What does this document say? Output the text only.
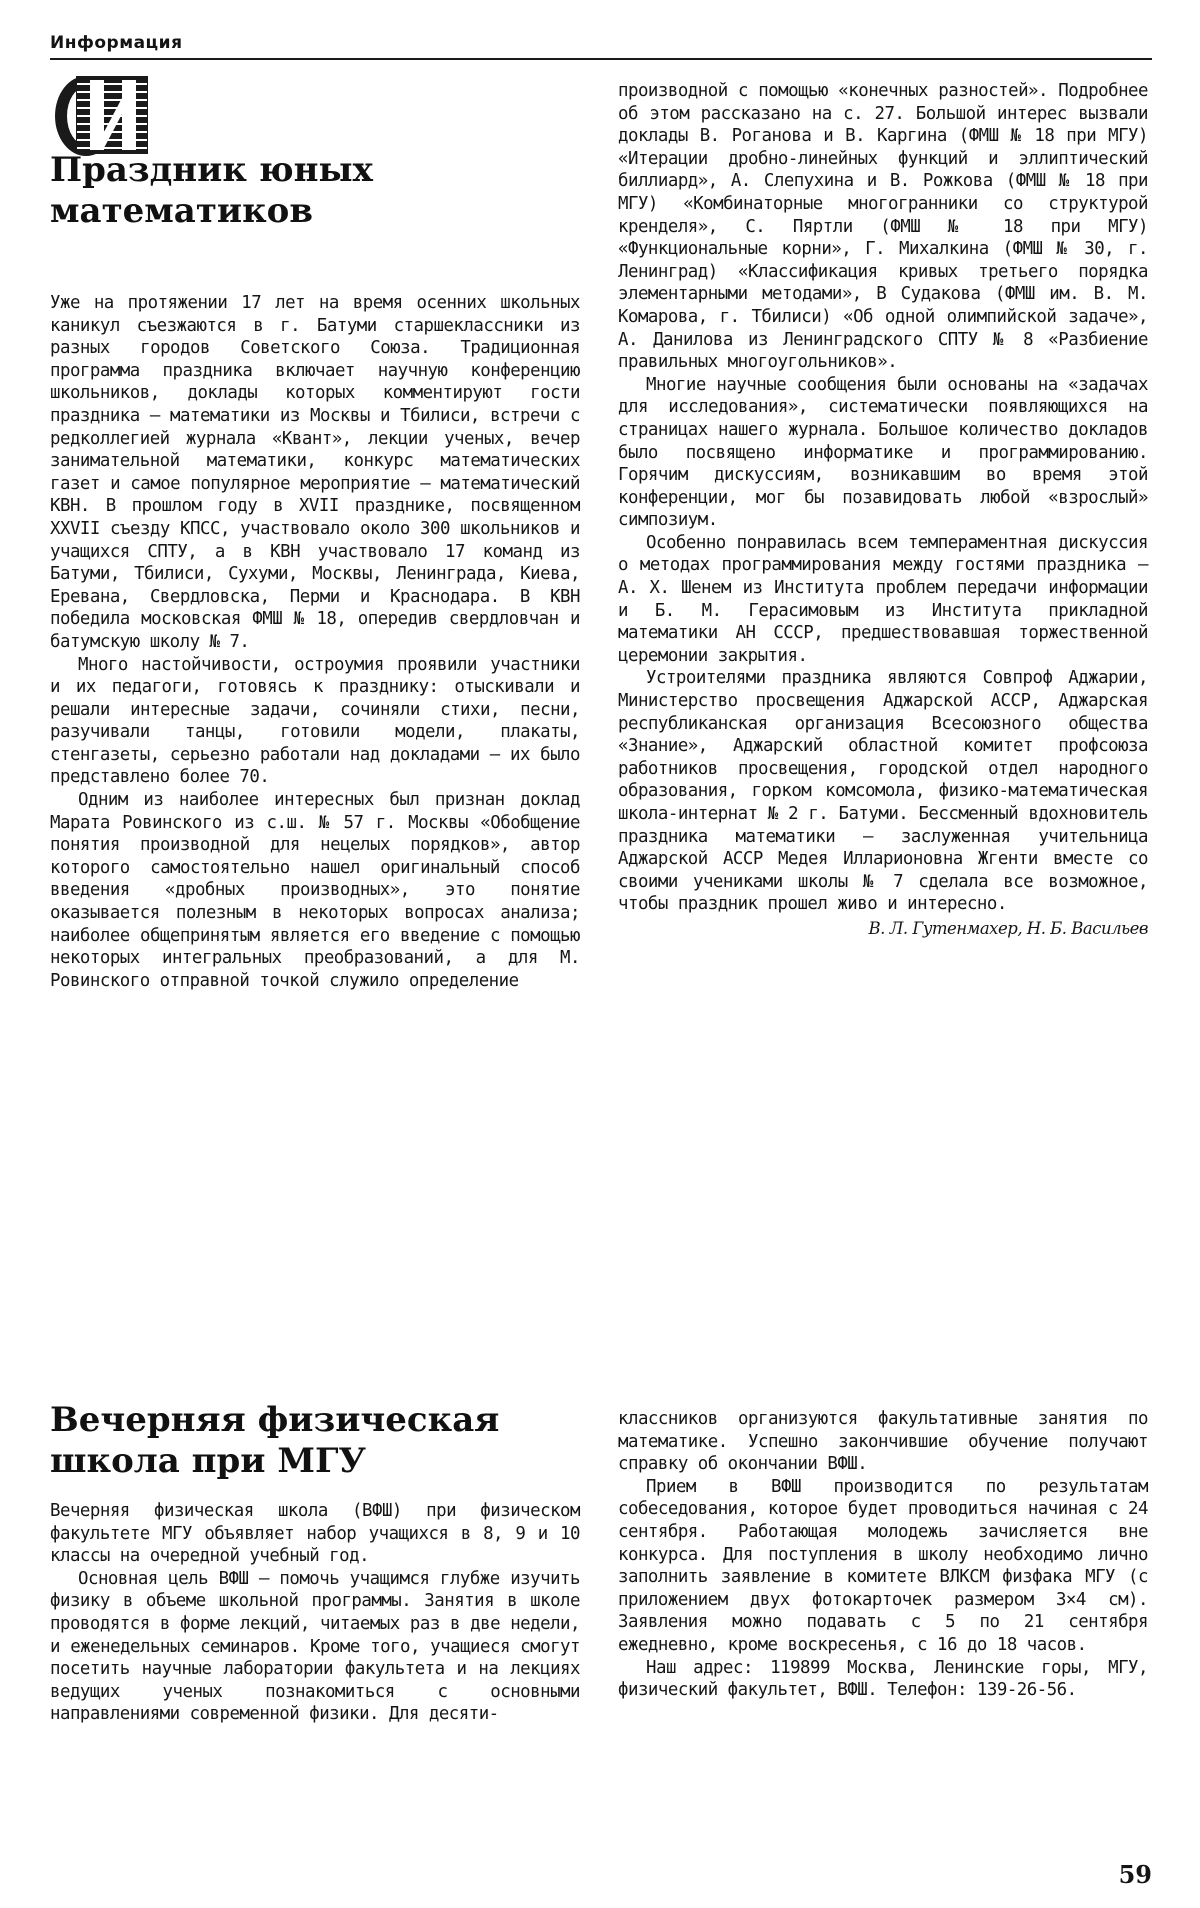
Информация
Праздник юных математиков

Уже на протяжении 17 лет на время осенних школьных каникул съезжаются в г. Батуми старшеклассники из разных городов Советского Союза. Традиционная программа праздника включает научную конференцию школьников, доклады которых комментируют гости праздника — математики из Москвы и Тбилиси, встречи с редколлегией журнала «Квант», лекции ученых, вечер занимательной математики, конкурс математических газет и самое популярное мероприятие — математический КВН. В прошлом году в XVII празднике, посвященном XXVII съезду КПСС, участвовало около 300 школьников и учащихся СПТУ, а в КВН участвовало 17 команд из Батуми, Тбилиси, Сухуми, Москвы, Ленинграда, Киева, Еревана, Свердловска, Перми и Краснодара. В КВН победила московская ФМШ № 18, опередив свердловчан и батумскую школу № 7.

Много настойчивости, остроумия проявили участники и их педагоги, готовясь к празднику: отыскивали и решали интересные задачи, сочиняли стихи, песни, разучивали танцы, готовили модели, плакаты, стенгазеты, серьезно работали над докладами — их было представлено более 70.

Одним из наиболее интересных был признан доклад Марата Ровинского из с.ш. № 57 г. Москвы «Обобщение понятия производной для нецелых порядков», автор которого самостоятельно нашел оригинальный способ введения «дробных производных», это понятие оказывается полезным в некоторых вопросах анализа; наиболее общепринятым является его введение с помощью некоторых интегральных преобразований, а для М. Ровинского отправной точкой служило определение

производной с помощью «конечных разностей». Подробнее об этом рассказано на с. 27. Большой интерес вызвали доклады В. Роганова и В. Каргина (ФМШ № 18 при МГУ) «Итерации дробно-линейных функций и эллиптический биллиард», А. Слепухина и В. Рожкова (ФМШ № 18 при МГУ) «Комбинаторные многогранники со структурой кренделя», С. Пяртли (ФМШ № 18 при МГУ) «Функциональные корни», Г. Михалкина (ФМШ № 30, г. Ленинград) «Классификация кривых третьего порядка элементарными методами», В Судакова (ФМШ им. В. М. Комарова, г. Тбилиси) «Об одной олимпийской задаче», А. Данилова из Ленинградского СПТУ № 8 «Разбиение правильных многоугольников».

Многие научные сообщения были основаны на «задачах для исследования», систематически появляющихся на страницах нашего журнала. Большое количество докладов было посвящено информатике и программированию. Горячим дискуссиям, возникавшим во время этой конференции, мог бы позавидовать любой «взрослый» симпозиум.

Особенно понравилась всем темпераментная дискуссия о методах программирования между гостями праздника — А. Х. Шенем из Института проблем передачи информации и Б. М. Герасимовым из Института прикладной математики АН СССР, предшествовавшая торжественной церемонии закрытия.

Устроителями праздника являются Совпроф Аджарии, Министерство просвещения Аджарской АССР, Аджарская республиканская организация Всесоюзного общества «Знание», Аджарский областной комитет профсоюза работников просвещения, городской отдел народного образования, горком комсомола, физико-математическая школа-интернат № 2 г. Батуми. Бессменный вдохновитель праздника математики — заслуженная учительница Аджарской АССР Медея Илларионовна Жгенти вместе со своими учениками школы № 7 сделала все возможное, чтобы праздник прошел живо и интересно.

В. Л. Гутенмахер, Н. Б. Васильев

Вечерняя физическая школа при МГУ

Вечерняя физическая школа (ВФШ) при физическом факультете МГУ объявляет набор учащихся в 8, 9 и 10 классы на очередной учебный год.

Основная цель ВФШ — помочь учащимся глубже изучить физику в объеме школьной программы. Занятия в школе проводятся в форме лекций, читаемых раз в две недели, и еженедельных семинаров. Кроме того, учащиеся смогут посетить научные лаборатории факультета и на лекциях ведущих ученых познакомиться с основными направлениями современной физики. Для десяти-

классников организуются факультативные занятия по математике. Успешно закончившие обучение получают справку об окончании ВФШ.

Прием в ВФШ производится по результатам собеседования, которое будет проводиться начиная с 24 сентября. Работающая молодежь зачисляется вне конкурса. Для поступления в школу необходимо лично заполнить заявление в комитете ВЛКСМ физфака МГУ (с приложением двух фотокарточек размером 3×4 см). Заявления можно подавать с 5 по 21 сентября ежедневно, кроме воскресенья, с 16 до 18 часов.

Наш адрес: 119899 Москва, Ленинские горы, МГУ, физический факультет, ВФШ. Телефон: 139-26-56.

59
